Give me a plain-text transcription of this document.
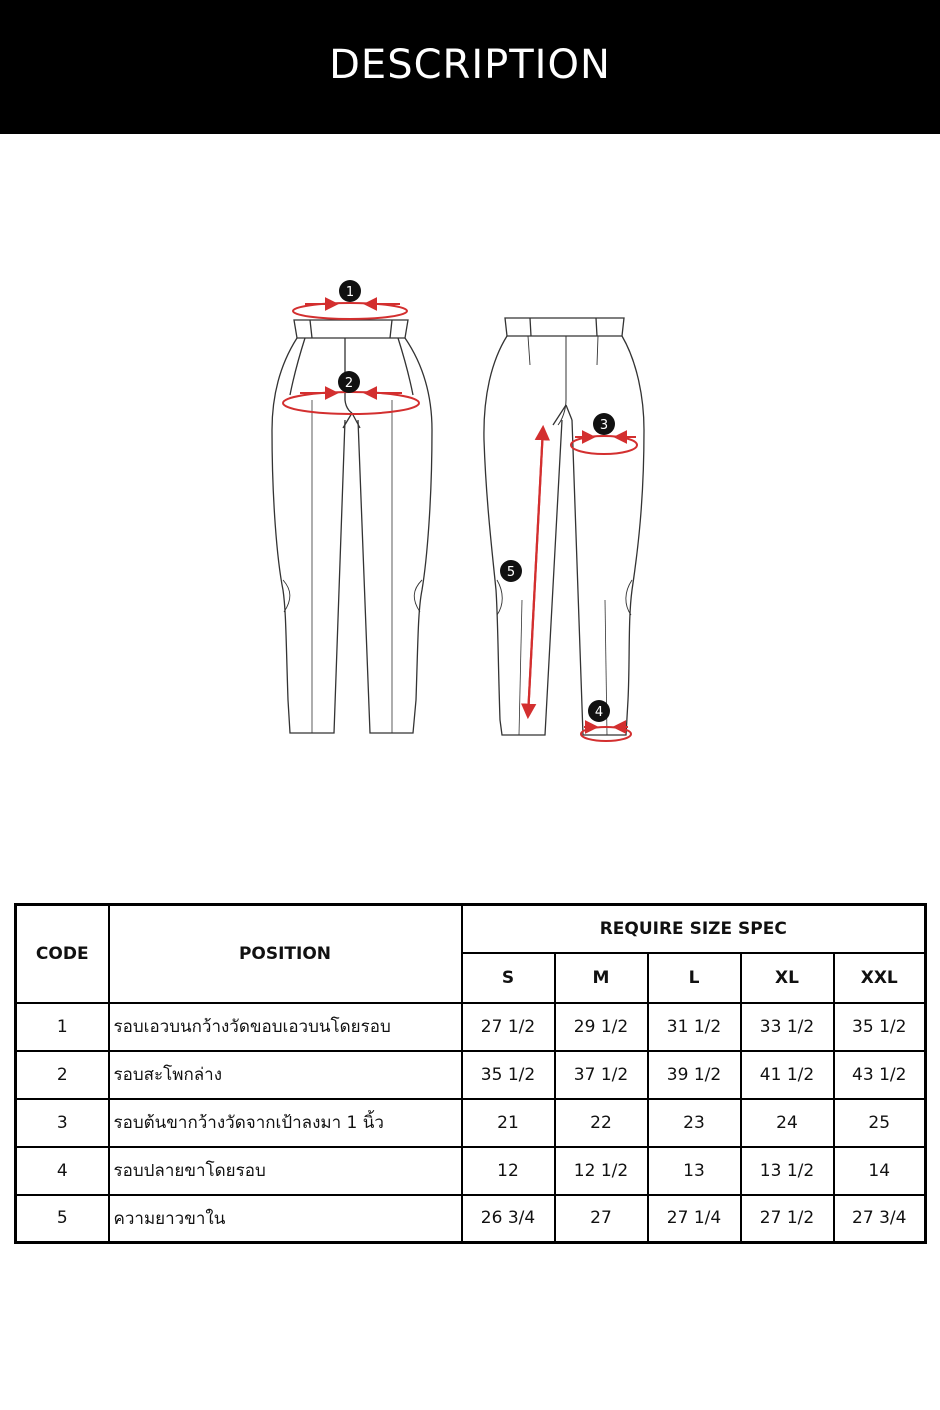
DESCRIPTION
1
2
3
5
4
CODE	POSITION	REQUIRE SIZE SPEC				
		S	M	L	XL	XXL
1	รอบเอวบนกว้างวัดขอบเอวบนโดยรอบ	27 1/2	29 1/2	31 1/2	33 1/2	35 1/2
2	รอบสะโพกล่าง	35 1/2	37 1/2	39 1/2	41 1/2	43 1/2
3	รอบต้นขากว้างวัดจากเป้าลงมา 1 นิ้ว	21	22	23	24	25
4	รอบปลายขาโดยรอบ	12	12 1/2	13	13 1/2	14
5	ความยาวขาใน	26 3/4	27	27 1/4	27 1/2	27 3/4
